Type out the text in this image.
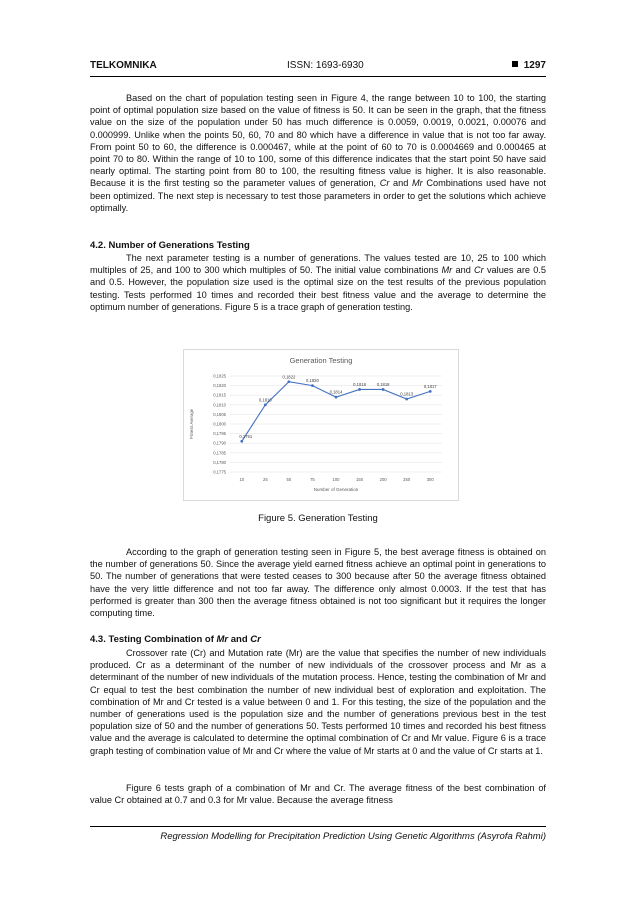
TELKOMNIKA	ISSN: 1693-6930	1297

Based on the chart of population testing seen in Figure 4, the range between 10 to 100, the starting point of optimal population size based on the value of fitness is 50. It can be seen in the graph, that the fitness value on the size of the population under 50 has much difference is 0.0059, 0.0019, 0.0021, 0.00076 and 0.000999. Unlike when the points 50, 60, 70 and 80 which have a difference in value that is not too far away. From point 50 to 60, the difference is 0.000467, while at the point of 60 to 70 is 0.0004669 and 0.000465 at point 70 to 80. Within the range of 10 to 100, some of this difference indicates that the start point 50 have said nearly optimal. The starting point from 80 to 100, the resulting fitness value is higher. It is also reasonable. Because it is the first testing so the parameter values of generation, Cr and Mr Combinations used have not been optimized. The next step is necessary to test those parameters in order to get the solutions which achieve optimally.

4.2. Number of Generations Testing

The next parameter testing is a number of generations. The values tested are 10, 25 to 100 which multiples of 25, and 100 to 300 which multiples of 50. The initial value combinations Mr and Cr values are 0.5 and 0.5. However, the population size used is the optimal size on the test results of the previous population testing. Tests performed 10 times and recorded their best fitness value and the average to determine the optimum number of generations. Figure 5 is a trace graph of generation testing.

Generation Testing
0,1775
0,1780
0,1785
0,1790
0,1795
0,1800
0,1805
0,1810
0,1815
0,1820
0,1825
10	25	50	75	100	150	200	250	300
Number of Generation
Fitness Average	0,1791
0,1810
0,1822
0,1820
0,1814
0,1818	0,1818
0,1813
0,1817
Figure 5. Generation Testing

According to the graph of generation testing seen in Figure 5, the best average fitness is obtained on the number of generations 50. Since the average yield earned fitness achieve an optimal point in generations to 50. The number of generations that were tested ceases to 300 because after 50 the average fitness obtained have the very little difference and not too far away. The difference only almost 0.0003. If the test that has performed is greater than 300 then the average fitness obtained is not too significant but it requires the longer computing time.

4.3. Testing Combination of Mr and Cr

Crossover rate (Cr) and Mutation rate (Mr) are the value that specifies the number of new individuals produced. Cr as a determinant of the number of new individuals of the crossover process and Mr as a determinant of the number of new individuals of the mutation process. Hence, testing the combination of Mr and Cr equal to test the best combination the number of new individual best of exploration and exploitation. The combination of Mr and Cr tested is a value between 0 and 1. For this testing, the size of the population and the number of generations used is the population size and the number of generations previous best in the test population size of 50 and the number of generations 50. Tests performed 10 times and recorded his best fitness value and the average is calculated to determine the optimal combination of Cr and Mr value. Figure 6 is a trace graph testing of combination value of Mr and Cr where the value of Mr starts at 0 and the value of Cr starts at 1.

Figure 6 tests graph of a combination of Mr and Cr. The average fitness of the best combination of value Cr obtained at 0.7 and 0.3 for Mr value. Because the average fitness

Regression Modelling for Precipitation Prediction Using Genetic Algorithms (Asyrofa Rahmi)
